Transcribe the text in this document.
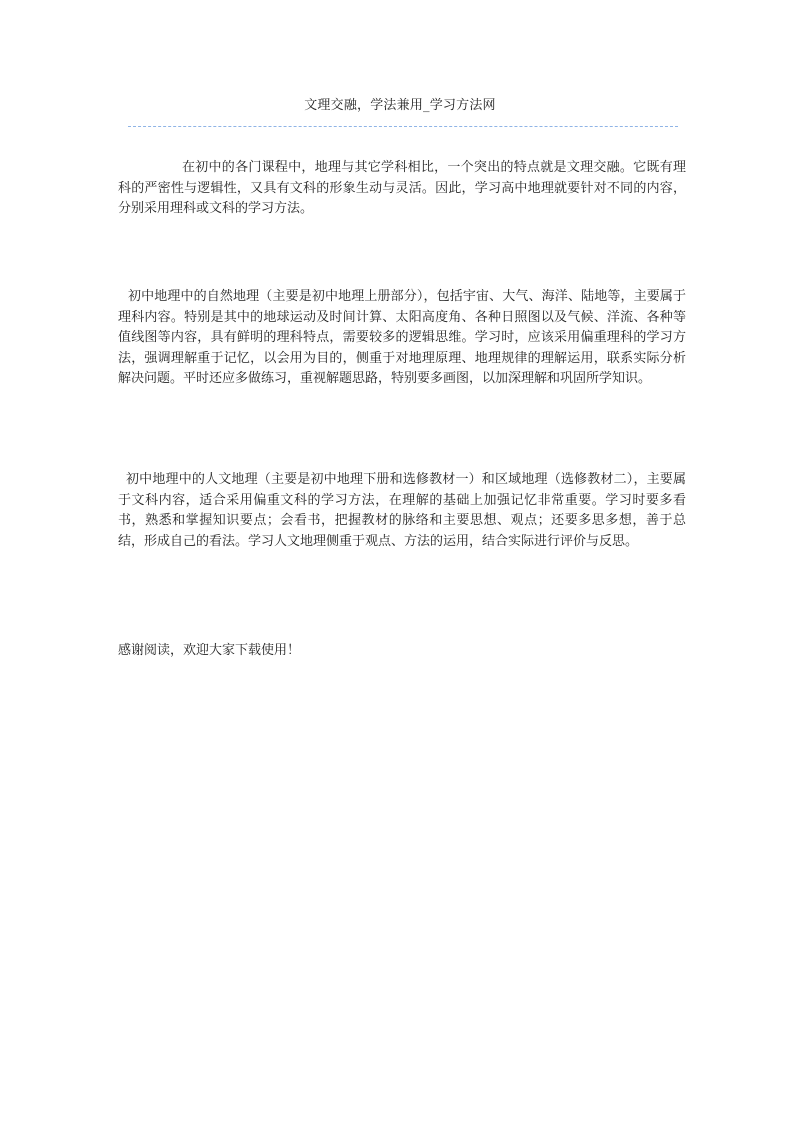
文理交融，学法兼用_学习方法网

在初中的各门课程中，地理与其它学科相比，一个突出的特点就是文理交融。它既有理科的严密性与逻辑性，又具有文科的形象生动与灵活。因此，学习高中地理就要针对不同的内容，分别采用理科或文科的学习方法。

初中地理中的自然地理（主要是初中地理上册部分），包括宇宙、大气、海洋、陆地等，主要属于理科内容。特别是其中的地球运动及时间计算、太阳高度角、各种日照图以及气候、洋流、各种等值线图等内容，具有鲜明的理科特点，需要较多的逻辑思维。学习时，应该采用偏重理科的学习方法，强调理解重于记忆，以会用为目的，侧重于对地理原理、地理规律的理解运用，联系实际分析解决问题。平时还应多做练习，重视解题思路，特别要多画图，以加深理解和巩固所学知识。

初中地理中的人文地理（主要是初中地理下册和选修教材一）和区域地理（选修教材二），主要属于文科内容，适合采用偏重文科的学习方法，在理解的基础上加强记忆非常重要。学习时要多看书，熟悉和掌握知识要点；会看书，把握教材的脉络和主要思想、观点；还要多思多想，善于总结，形成自己的看法。学习人文地理侧重于观点、方法的运用，结合实际进行评价与反思。

感谢阅读，欢迎大家下载使用！
